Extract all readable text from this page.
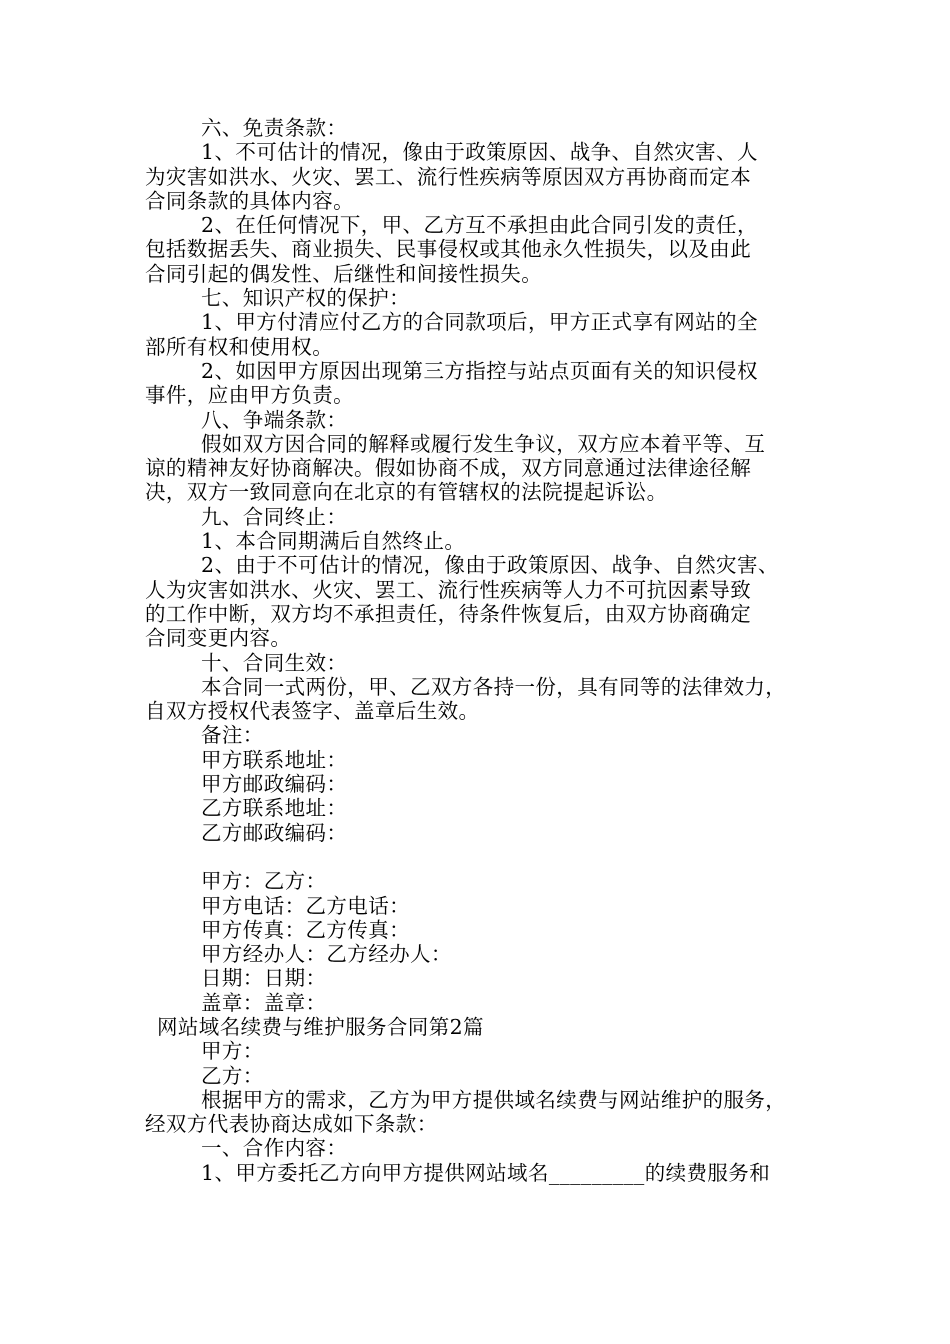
六、免责条款：
1、不可估计的情况，像由于政策原因、战争、自然灾害、人
为灾害如洪水、火灾、罢工、流行性疾病等原因双方再协商而定本
合同条款的具体内容。
2、在任何情况下，甲、乙方互不承担由此合同引发的责任，
包括数据丢失、商业损失、民事侵权或其他永久性损失，以及由此
合同引起的偶发性、后继性和间接性损失。
七、知识产权的保护：
1、甲方付清应付乙方的合同款项后，甲方正式享有网站的全
部所有权和使用权。
2、如因甲方原因出现第三方指控与站点页面有关的知识侵权
事件，应由甲方负责。
八、争端条款：
假如双方因合同的解释或履行发生争议，双方应本着平等、互
谅的精神友好协商解决。假如协商不成，双方同意通过法律途径解
决，双方一致同意向在北京的有管辖权的法院提起诉讼。
九、合同终止：
1、本合同期满后自然终止。
2、由于不可估计的情况，像由于政策原因、战争、自然灾害、
人为灾害如洪水、火灾、罢工、流行性疾病等人力不可抗因素导致
的工作中断，双方均不承担责任，待条件恢复后，由双方协商确定
合同变更内容。
十、合同生效：
本合同一式两份，甲、乙双方各持一份，具有同等的法律效力，
自双方授权代表签字、盖章后生效。
备注：
甲方联系地址：
甲方邮政编码：
乙方联系地址：
乙方邮政编码：
甲方：乙方：
甲方电话：乙方电话：
甲方传真：乙方传真：
甲方经办人：乙方经办人：
日期：日期：
盖章：盖章：
网站域名续费与维护服务合同第2篇
甲方：
乙方：
根据甲方的需求，乙方为甲方提供域名续费与网站维护的服务，
经双方代表协商达成如下条款：
一、合作内容：
1、甲方委托乙方向甲方提供网站域名_________的续费服务和
